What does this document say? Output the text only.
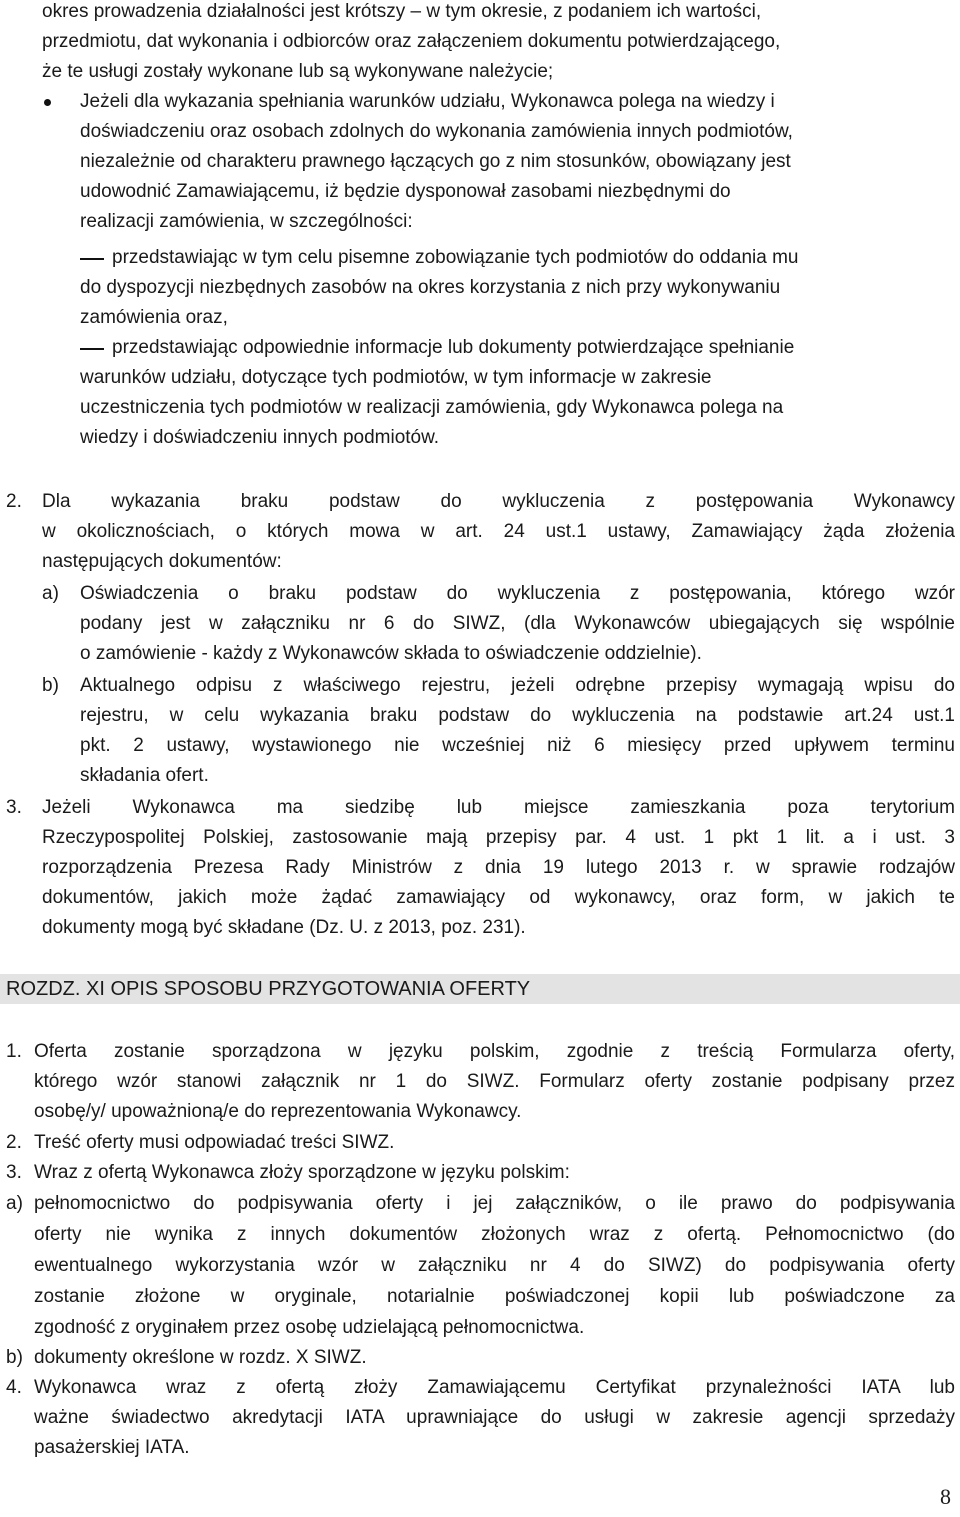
okres prowadzenia działalności jest krótszy – w tym okresie, z podaniem ich wartości,
przedmiotu, dat wykonania i odbiorców oraz załączeniem dokumentu potwierdzającego,
że te usługi zostały wykonane lub są wykonywane należycie;
Jeżeli dla wykazania spełniania warunków udziału, Wykonawca polega na wiedzy i
doświadczeniu oraz osobach zdolnych do wykonania zamówienia innych podmiotów,
niezależnie od charakteru prawnego łączących go z nim stosunków, obowiązany jest
udowodnić Zamawiającemu, iż będzie dysponował zasobami niezbędnymi do
realizacji zamówienia, w szczególności:
przedstawiając w tym celu pisemne zobowiązanie tych podmiotów do oddania mu
do dyspozycji niezbędnych zasobów na okres korzystania z nich przy wykonywaniu
zamówienia oraz,
przedstawiając odpowiednie informacje lub dokumenty potwierdzające spełnianie
warunków udziału, dotyczące tych podmiotów, w tym informacje w zakresie
uczestniczenia tych podmiotów w realizacji zamówienia, gdy Wykonawca polega na
wiedzy i doświadczeniu innych podmiotów.
2. Dla wykazania braku podstaw do wykluczenia z postępowania Wykonawcy
w okolicznościach, o których mowa w art. 24 ust.1 ustawy, Zamawiający żąda złożenia
następujących dokumentów:
a) Oświadczenia o braku podstaw do wykluczenia z postępowania, którego wzór
podany jest w załączniku nr 6 do SIWZ, (dla Wykonawców ubiegających się wspólnie
o zamówienie - każdy z Wykonawców składa to oświadczenie oddzielnie).
b) Aktualnego odpisu z właściwego rejestru, jeżeli odrębne przepisy wymagają wpisu do
rejestru, w celu wykazania braku podstaw do wykluczenia na podstawie art.24 ust.1
pkt. 2 ustawy, wystawionego nie wcześniej niż 6 miesięcy przed upływem terminu
składania ofert.
3. Jeżeli Wykonawca ma siedzibę lub miejsce zamieszkania poza terytorium
Rzeczypospolitej Polskiej, zastosowanie mają przepisy par. 4 ust. 1 pkt 1 lit. a i ust. 3
rozporządzenia Prezesa Rady Ministrów z dnia 19 lutego 2013 r. w sprawie rodzajów
dokumentów, jakich może żądać zamawiający od wykonawcy, oraz form, w jakich te
dokumenty mogą być składane (Dz. U. z 2013, poz. 231).
1. Oferta zostanie sporządzona w języku polskim, zgodnie z treścią Formularza oferty,
którego wzór stanowi załącznik nr 1 do SIWZ. Formularz oferty zostanie podpisany przez
osobę/y/ upoważnioną/e do reprezentowania Wykonawcy.
2. Treść oferty musi odpowiadać treści SIWZ.
3. Wraz z ofertą Wykonawca złoży sporządzone w języku polskim:
a) pełnomocnictwo do podpisywania oferty i jej załączników, o ile prawo do podpisywania
oferty nie wynika z innych dokumentów złożonych wraz z ofertą. Pełnomocnictwo (do
ewentualnego wykorzystania wzór w załączniku nr 4 do SIWZ) do podpisywania oferty
zostanie złożone w oryginale, notarialnie poświadczonej kopii lub poświadczone za
zgodność z oryginałem przez osobę udzielającą pełnomocnictwa.
b) dokumenty określone w rozdz. X SIWZ.
4. Wykonawca wraz z ofertą złoży Zamawiającemu Certyfikat przynależności IATA lub
ważne świadectwo akredytacji IATA uprawniające do usługi w zakresie agencji sprzedaży
pasażerskiej IATA.
ROZDZ. XI OPIS SPOSOBU PRZYGOTOWANIA OFERTY
8
